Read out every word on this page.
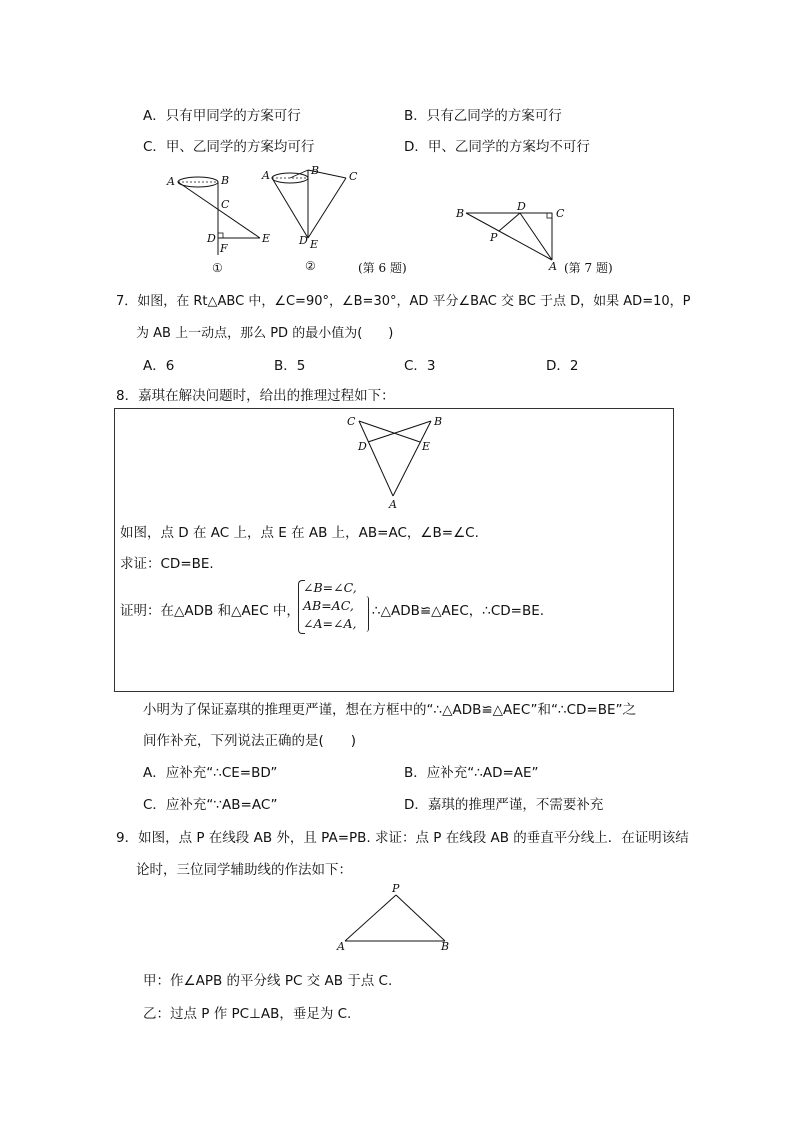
A．只有甲同学的方案可行	B．只有乙同学的方案可行
C．甲、乙同学的方案均可行	D．甲、乙同学的方案均不可行
A	B
C
D	E
F
①
A	B	C
D E
②	(第 6 题)
B
D
C
P
A (第 7 题)
7．如图，在 Rt△ABC 中，∠C=90°，∠B=30°，AD 平分∠BAC 交 BC 于点 D，如果 AD=10，P
为 AB 上一动点，那么 PD 的最小值为(　　)
A．6	B．5	C．3	D．2
8．嘉琪在解决问题时，给出的推理过程如下：
C	B
D	E
A
如图，点 D 在 AC 上，点 E 在 AB 上，AB=AC，∠B=∠C.
求证：CD=BE.
证明：在△ADB 和△AEC 中，
∠B=∠C,
AB=AC,
∠A=∠A,
∴△ADB≌△AEC，∴CD=BE.
小明为了保证嘉琪的推理更严谨，想在方框中的“∴△ADB≌△AEC”和“∴CD=BE”之
间作补充，下列说法正确的是(　　)
A．应补充“∴CE=BD”	B．应补充“∴AD=AE”
C．应补充“∵AB=AC”	D．嘉琪的推理严谨，不需要补充
9．如图，点 P 在线段 AB 外，且 PA=PB. 求证：点 P 在线段 AB 的垂直平分线上．在证明该结
论时，三位同学辅助线的作法如下：
P
A	B
甲：作∠APB 的平分线 PC 交 AB 于点 C.
乙：过点 P 作 PC⊥AB，垂足为 C.
